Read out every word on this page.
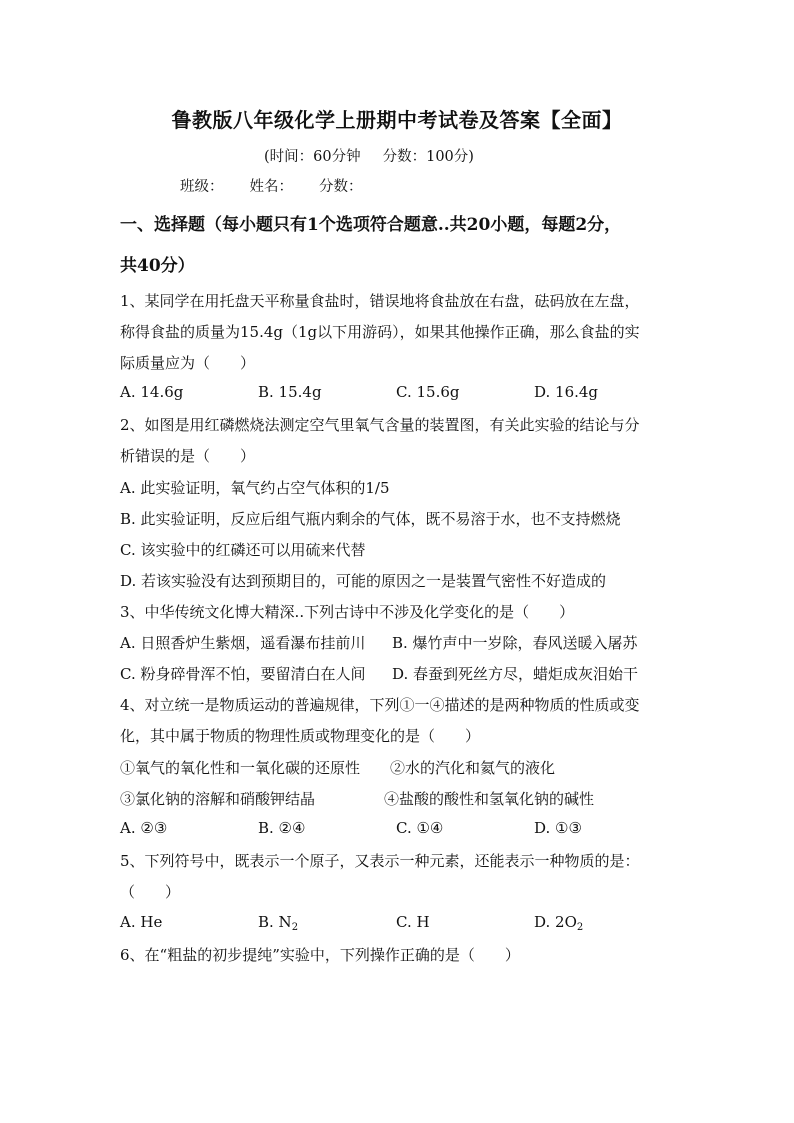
鲁教版八年级化学上册期中考试卷及答案【全面】
(时间：60分钟 分数：100分)
班级： 姓名： 分数：
一、选择题（每小题只有1个选项符合题意..共20小题，每题2分，
共40分）
1、某同学在用托盘天平称量食盐时，错误地将食盐放在右盘，砝码放在左盘，
称得食盐的质量为15.4g（1g以下用游码），如果其他操作正确，那么食盐的实
际质量应为（　　）
A. 14.6g	B. 15.4g	C. 15.6g	D. 16.4g
2、如图是用红磷燃烧法测定空气里氧气含量的装置图，有关此实验的结论与分
析错误的是（　　）
A. 此实验证明，氧气约占空气体积的1/5
B. 此实验证明，反应后组气瓶内剩余的气体，既不易溶于水，也不支持燃烧
C. 该实验中的红磷还可以用硫来代替
D. 若该实验没有达到预期目的，可能的原因之一是装置气密性不好造成的
3、中华传统文化博大精深..下列古诗中不涉及化学变化的是（　　）
A. 日照香炉生紫烟，遥看瀑布挂前川 B. 爆竹声中一岁除，春风送暖入屠苏
C. 粉身碎骨浑不怕，要留清白在人间 D. 春蚕到死丝方尽，蜡炬成灰泪始干
4、对立统一是物质运动的普遍规律，下列①一④描述的是两种物质的性质或变
化，其中属于物质的物理性质或物理变化的是（　　）
①氧气的氧化性和一氧化碳的还原性 ②水的汽化和氦气的液化
③氯化钠的溶解和硝酸钾结晶	④盐酸的酸性和氢氧化钠的碱性
A. ②③	B. ②④	C. ①④	D. ①③
5、下列符号中，既表示一个原子，又表示一种元素，还能表示一种物质的是：
（　　）
A. He	B. $N_2$	C. H	D. $2O_2$
6、在“粗盐的初步提纯”实验中，下列操作正确的是（　　）
